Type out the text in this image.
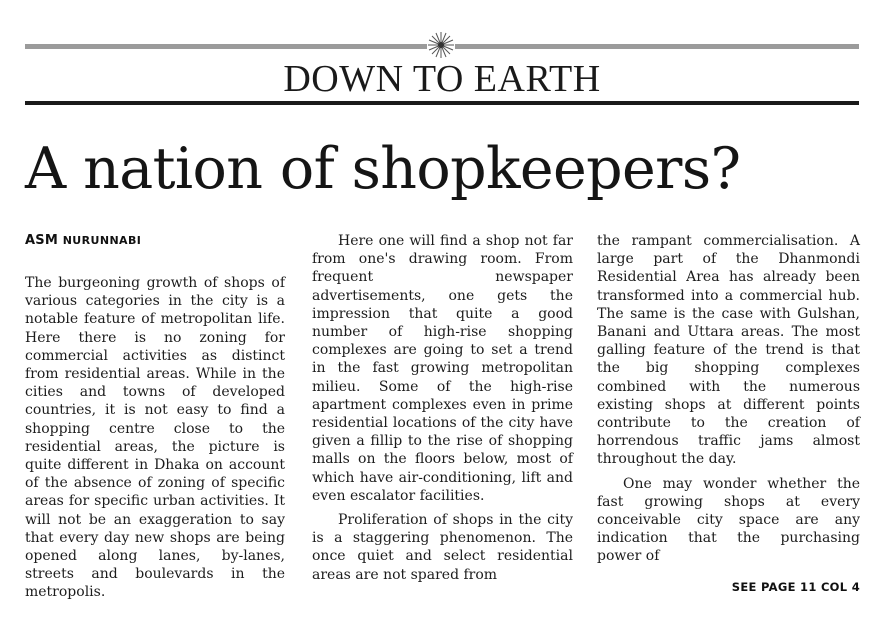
DOWN TO EARTH
A nation of shopkeepers?
ASM NURUNNABI

The burgeoning growth of shops of various categories in the city is a notable feature of metropolitan life. Here there is no zoning for commercial activities as distinct from residential areas. While in the cities and towns of developed countries, it is not easy to find a shopping centre close to the residential areas, the picture is quite different in Dhaka on account of the absence of zoning of specific areas for specific urban activities. It will not be an exaggeration to say that every day new shops are being opened along lanes, by-lanes, streets and boulevards in the metropolis.

Here one will find a shop not far from one's drawing room. From frequent newspaper advertisements, one gets the impression that quite a good number of high-rise shopping complexes are going to set a trend in the fast growing metropolitan milieu. Some of the high-rise apartment complexes even in prime residential locations of the city have given a fillip to the rise of shopping malls on the floors below, most of which have air-conditioning, lift and even escalator facilities.

Proliferation of shops in the city is a staggering phenomenon. The once quiet and select residential areas are not spared from

the rampant commercialisation. A large part of the Dhanmondi Residential Area has already been transformed into a commercial hub. The same is the case with Gulshan, Banani and Uttara areas. The most galling feature of the trend is that the big shopping complexes combined with the numerous existing shops at different points contribute to the creation of horrendous traffic jams almost throughout the day.

One may wonder whether the fast growing shops at every conceivable city space are any indication that the purchasing power of

SEE PAGE 11 COL 4
